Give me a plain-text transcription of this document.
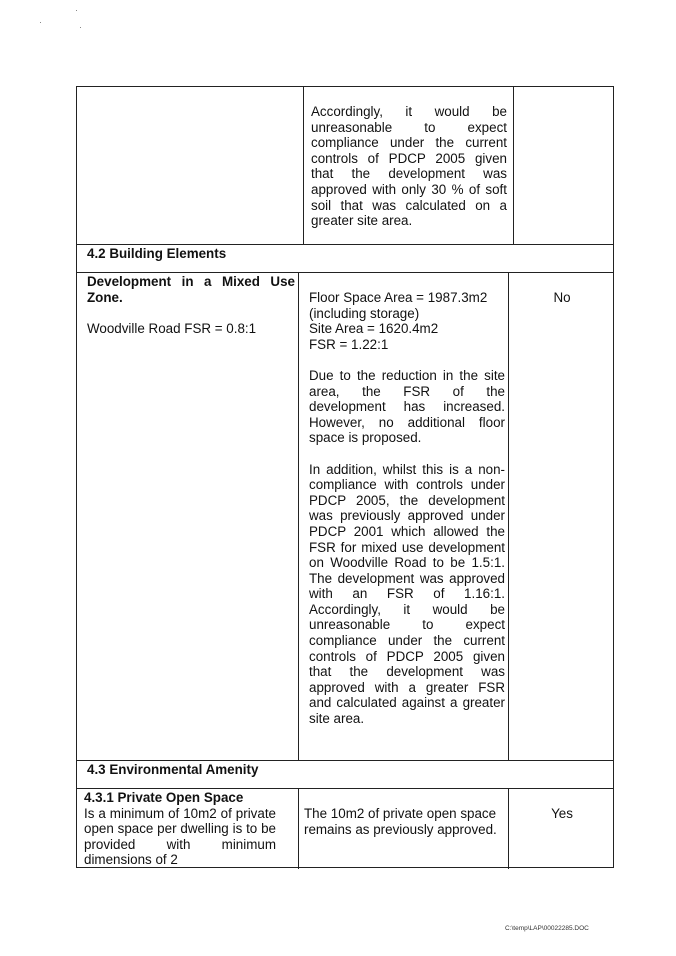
Accordingly, it would be unreasonable to expect compliance under the current controls of PDCP 2005 given that the development was approved with only 30 % of soft soil that was calculated on a greater site area.

4.2 Building Elements

Development in a Mixed Use Zone.

Woodville Road FSR = 0.8:1

Floor Space Area = 1987.3m2

(including storage)

Site Area = 1620.4m2

FSR = 1.22:1

Due to the reduction in the site area, the FSR of the development has increased. However, no additional floor space is proposed.

In addition, whilst this is a non-compliance with controls under PDCP 2005, the development was previously approved under PDCP 2001 which allowed the FSR for mixed use development on Woodville Road to be 1.5:1. The development was approved with an FSR of 1.16:1. Accordingly, it would be unreasonable to expect compliance under the current controls of PDCP 2005 given that the development was approved with a greater FSR and calculated against a greater site area.

No
4.3 Environmental Amenity

4.3.1 Private Open Space

Is a minimum of 10m2 of private open space per dwelling is to be provided with minimum dimensions of 2

The 10m2 of private open space remains as previously approved.

Yes
C:\temp\LAP\00022285.DOC
